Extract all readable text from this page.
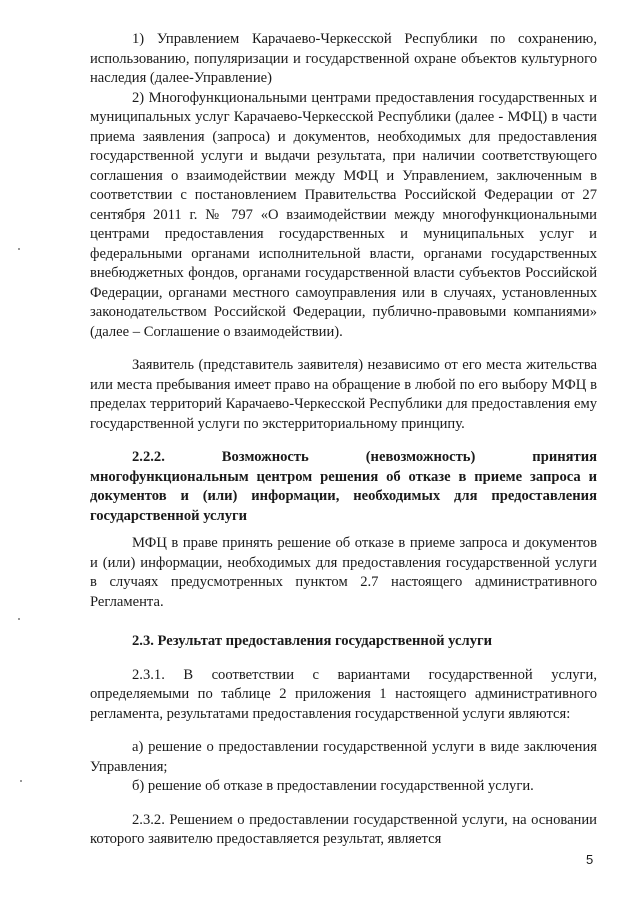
1) Управлением Карачаево-Черкесской Республики по сохранению, использованию, популяризации и государственной охране объектов культурного наследия (далее-Управление)

2) Многофункциональными центрами предоставления государственных и муниципальных услуг Карачаево-Черкесской Республики (далее - МФЦ) в части приема заявления (запроса) и документов, необходимых для предоставления государственной услуги и выдачи результата, при наличии соответствующего соглашения о взаимодействии между МФЦ и Управлением, заключенным в соответствии с постановлением Правительства Российской Федерации от 27 сентября 2011 г. № 797 «О взаимодействии между многофункциональными центрами предоставления государственных и муниципальных услуг и федеральными органами исполнительной власти, органами государственных внебюджетных фондов, органами государственной власти субъектов Российской Федерации, органами местного самоуправления или в случаях, установленных законодательством Российской Федерации, публично-правовыми компаниями» (далее – Соглашение о взаимодействии).

Заявитель (представитель заявителя) независимо от его места жительства или места пребывания имеет право на обращение в любой по его выбору МФЦ в пределах территорий Карачаево-Черкесской Республики для предоставления ему государственной услуги по экстерриториальному принципу.

2.2.2. Возможность (невозможность) принятия многофункциональным центром решения об отказе в приеме запроса и документов и (или) информации, необходимых для предоставления государственной услуги

МФЦ в праве принять решение об отказе в приеме запроса и документов и (или) информации, необходимых для предоставления государственной услуги в случаях предусмотренных пунктом 2.7 настоящего административного Регламента.

2.3. Результат предоставления государственной услуги

2.3.1. В соответствии с вариантами государственной услуги, определяемыми по таблице 2 приложения 1 настоящего административного регламента, результатами предоставления государственной услуги являются:

а) решение о предоставлении государственной услуги в виде заключения Управления;

б) решение об отказе в предоставлении государственной услуги.

2.3.2. Решением о предоставлении государственной услуги, на основании которого заявителю предоставляется результат, является

5
